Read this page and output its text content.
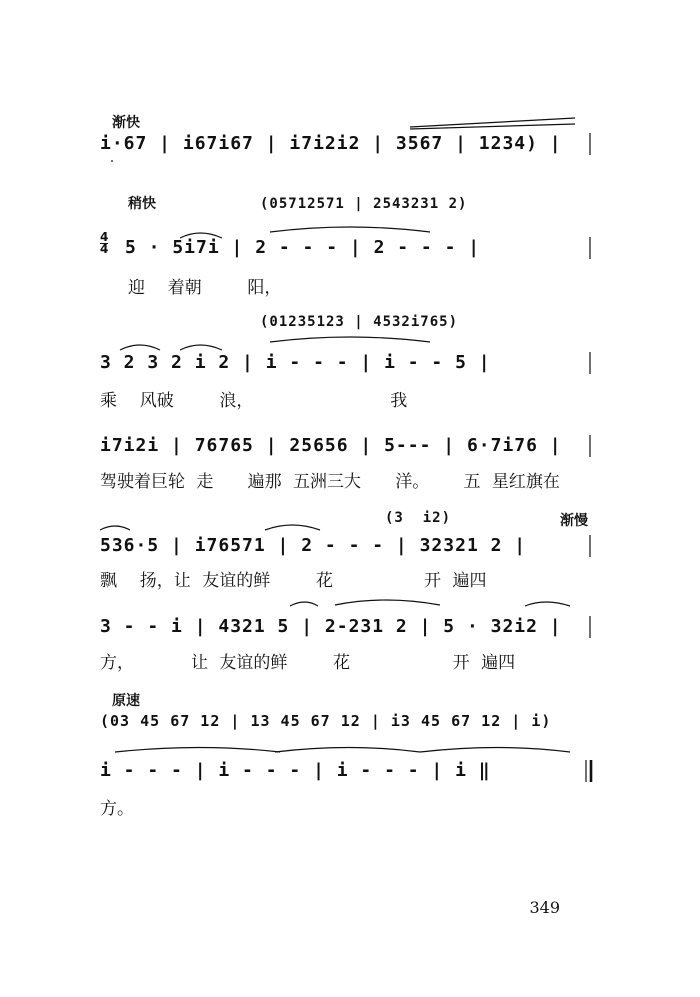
渐快
i·67 | i67i67 | i7i2i2 | 3567 | 1234) |
稍快	(05712571 | 2543231 2)
4
4 5 · 5i7i | 2 - - - | 2 - - - |
迎  着朝    阳，
(01235123 | 4532i765)
3 2 3 2 i 2 | i - - - | i - - 5 |
乘  风破    浪，            我
i7i2i | 76765 | 25656 | 5--- | 6·7i76 |
驾驶着巨轮 走   遍那 五洲三大   洋。   五 星红旗在
(3  i2)	渐慢
536·5 | i76571 | 2 - - - | 32321 2 |
飘  扬，让 友谊的鲜    花        开 遍四
3 - - i | 4321 5 | 2-231 2 | 5 · 32i2 |
方，     让 友谊的鲜    花         开 遍四
原速
(03 45 67 12 | 13 45 67 12 | i3 45 67 12 | i)
i - - - | i - - - | i - - - | i ‖
方。
349
